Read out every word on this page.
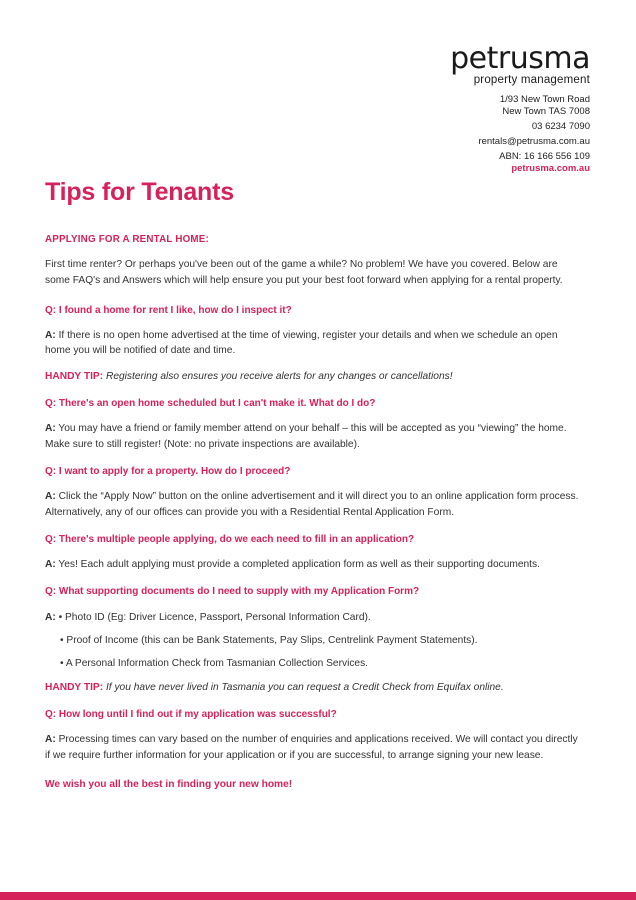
petrusma
property management
1/93 New Town Road
New Town TAS 7008
03 6234 7090
rentals@petrusma.com.au
ABN: 16 166 556 109
petrusma.com.au
Tips for Tenants

APPLYING FOR A RENTAL HOME:

First time renter? Or perhaps you've been out of the game a while? No problem! We have you covered. Below are some FAQ's and Answers which will help ensure you put your best foot forward when applying for a rental property.

Q: I found a home for rent I like, how do I inspect it?

A: If there is no open home advertised at the time of viewing, register your details and when we schedule an open home you will be notified of date and time.

HANDY TIP: Registering also ensures you receive alerts for any changes or cancellations!

Q: There's an open home scheduled but I can't make it. What do I do?

A: You may have a friend or family member attend on your behalf – this will be accepted as you “viewing” the home. Make sure to still register! (Note: no private inspections are available).

Q: I want to apply for a property. How do I proceed?

A: Click the “Apply Now” button on the online advertisement and it will direct you to an online application form process. Alternatively, any of our offices can provide you with a Residential Rental Application Form.

Q: There's multiple people applying, do we each need to fill in an application?

A: Yes! Each adult applying must provide a completed application form as well as their supporting documents.

Q: What supporting documents do I need to supply with my Application Form?

A: • Photo ID (Eg: Driver Licence, Passport, Personal Information Card).

• Proof of Income (this can be Bank Statements, Pay Slips, Centrelink Payment Statements).

• A Personal Information Check from Tasmanian Collection Services.

HANDY TIP: If you have never lived in Tasmania you can request a Credit Check from Equifax online.

Q: How long until I find out if my application was successful?

A: Processing times can vary based on the number of enquiries and applications received. We will contact you directly if we require further information for your application or if you are successful, to arrange signing your new lease.

We wish you all the best in finding your new home!
